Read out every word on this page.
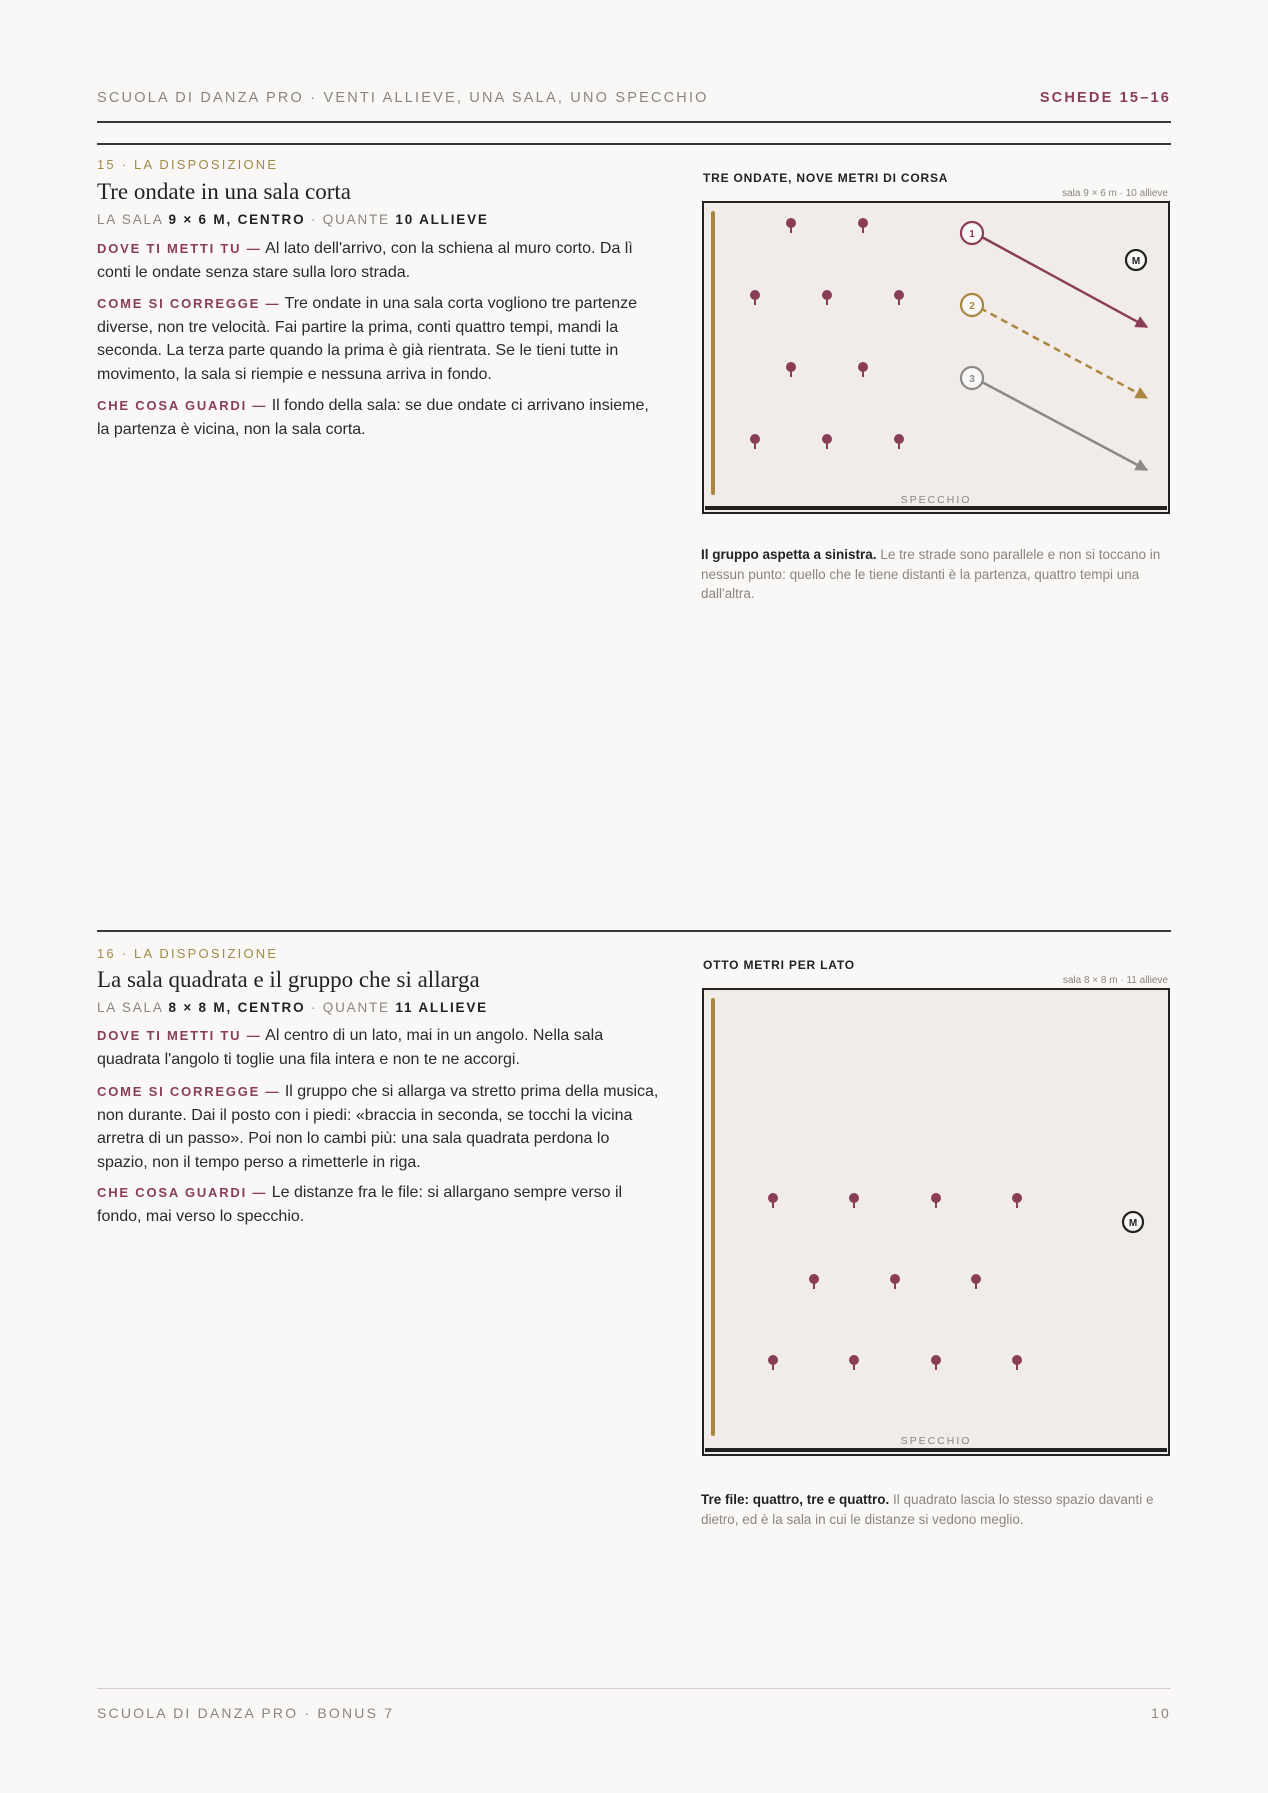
SCUOLA DI DANZA PRO · VENTI ALLIEVE, UNA SALA, UNO SPECCHIO	SCHEDE 15–16
15 · LA DISPOSIZIONE
Tre ondate in una sala corta
LA SALA 9 × 6 M, CENTRO · QUANTE 10 ALLIEVE
DOVE TI METTI TU — Al lato dell'arrivo, con la schiena al muro corto. Da lì conti le ondate senza stare sulla loro strada.
COME SI CORREGGE — Tre ondate in una sala corta vogliono tre partenze diverse, non tre velocità. Fai partire la prima, conti quattro tempi, mandi la seconda. La terza parte quando la prima è già rientrata. Se le tieni tutte in movimento, la sala si riempie e nessuna arriva in fondo.
CHE COSA GUARDI — Il fondo della sala: se due ondate ci arrivano insieme, la partenza è vicina, non la sala corta.
TRE ONDATE, NOVE METRI DI CORSA
sala 9 × 6 m · 10 allieve
SPECCHIO
1
2
3
M
Il gruppo aspetta a sinistra. Le tre strade sono parallele e non si toccano in nessun punto: quello che le tiene distanti è la partenza, quattro tempi una dall'altra.
16 · LA DISPOSIZIONE
La sala quadrata e il gruppo che si allarga
LA SALA 8 × 8 M, CENTRO · QUANTE 11 ALLIEVE
DOVE TI METTI TU — Al centro di un lato, mai in un angolo. Nella sala quadrata l'angolo ti toglie una fila intera e non te ne accorgi.
COME SI CORREGGE — Il gruppo che si allarga va stretto prima della musica, non durante. Dai il posto con i piedi: «braccia in seconda, se tocchi la vicina arretra di un passo». Poi non lo cambi più: una sala quadrata perdona lo spazio, non il tempo perso a rimetterle in riga.
CHE COSA GUARDI — Le distanze fra le file: si allargano sempre verso il fondo, mai verso lo specchio.
OTTO METRI PER LATO
sala 8 × 8 m · 11 allieve
SPECCHIO
M
Tre file: quattro, tre e quattro. Il quadrato lascia lo stesso spazio davanti e dietro, ed è la sala in cui le distanze si vedono meglio.
SCUOLA DI DANZA PRO · BONUS 7	10
